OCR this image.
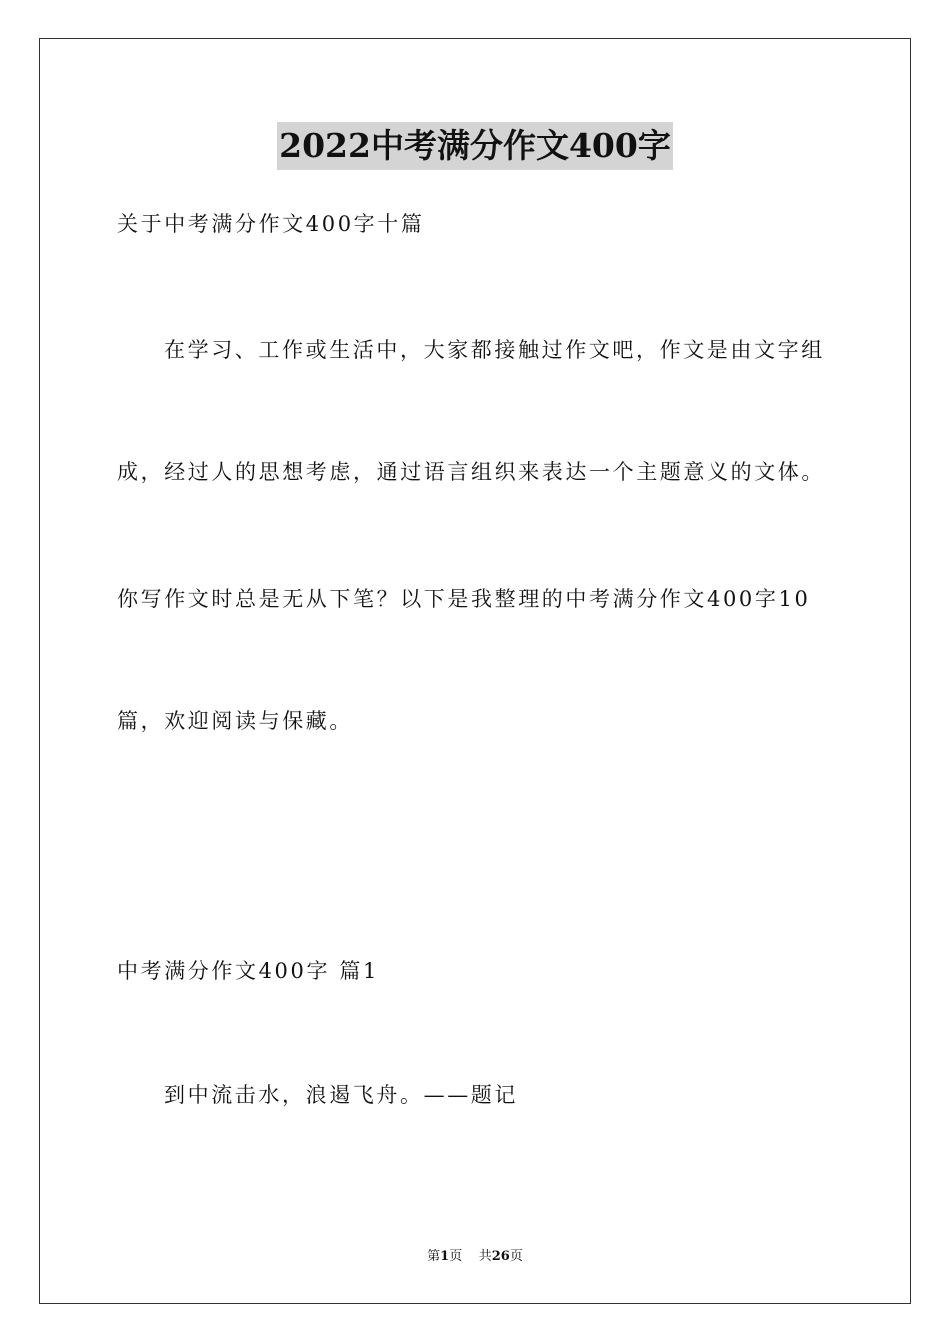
2022中考满分作文400字
关于中考满分作文400字十篇
在学习、工作或生活中，大家都接触过作文吧，作文是由文字组
成，经过人的思想考虑，通过语言组织来表达一个主题意义的文体。
你写作文时总是无从下笔？以下是我整理的中考满分作文400字10
篇，欢迎阅读与保藏。
中考满分作文400字 篇1
到中流击水，浪遏飞舟。——题记
第1页 共26页
